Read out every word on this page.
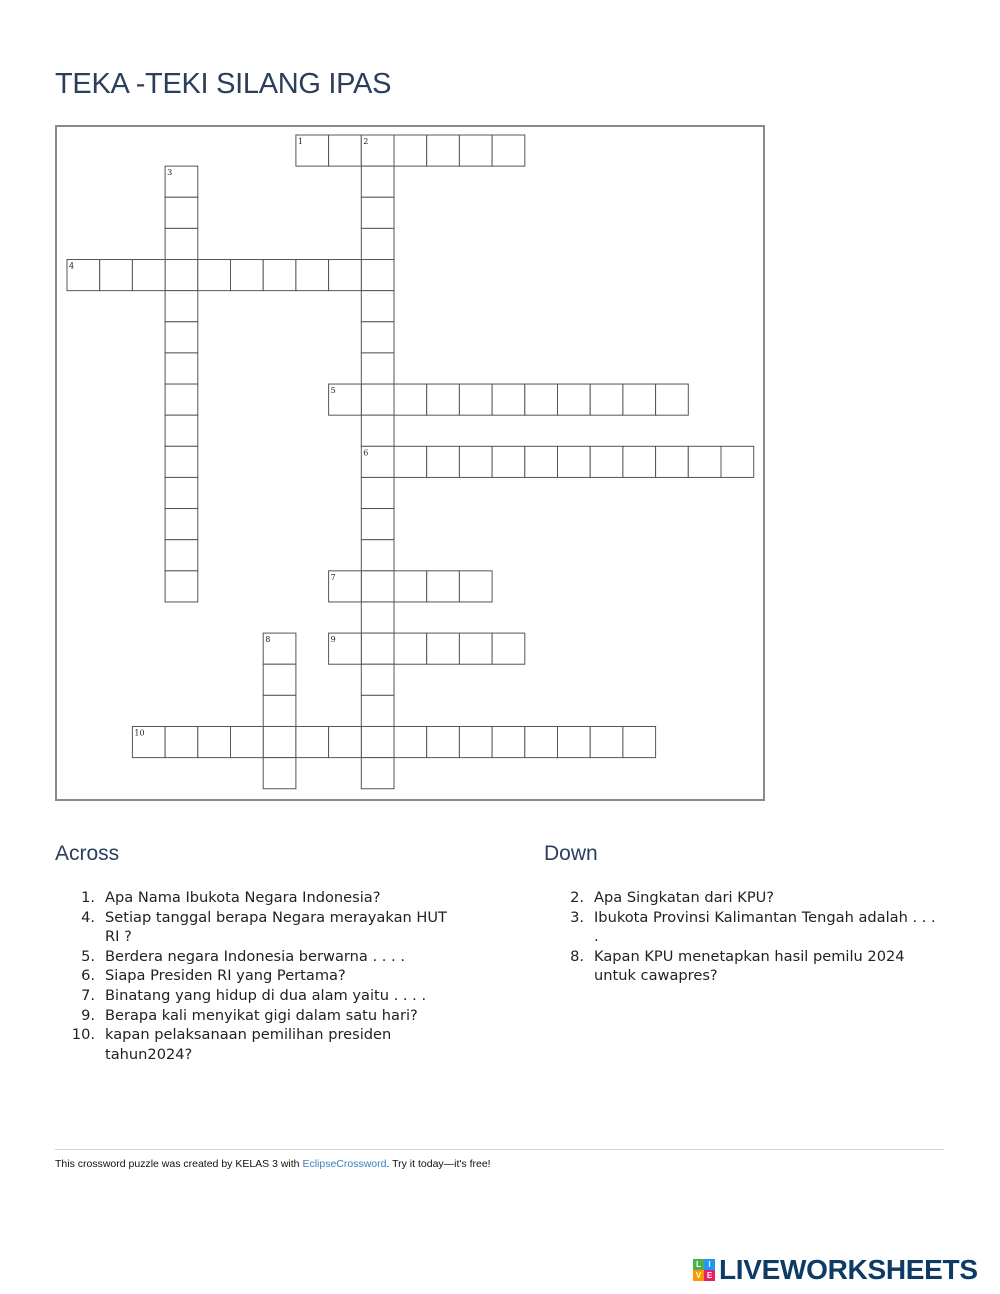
TEKA -TEKI SILANG IPAS
1	2
3
4
5
6
7
8	9
10
Across
1. Apa Nama Ibukota Negara Indonesia?
4. Setiap tanggal berapa Negara merayakan HUT RI ?
5. Berdera negara Indonesia berwarna . . . .
6. Siapa Presiden RI yang Pertama?
7. Binatang yang hidup di dua alam yaitu . . . .
9. Berapa kali menyikat gigi dalam satu hari?
10. kapan pelaksanaan pemilihan presiden tahun2024?
Down
2. Apa Singkatan dari KPU?
3. Ibukota Provinsi Kalimantan Tengah adalah . . . .
8. Kapan KPU menetapkan hasil pemilu 2024 untuk cawapres?
This crossword puzzle was created by KELAS 3 with EclipseCrossword. Try it today—it's free!
L I
V E LIVEWORKSHEETS
